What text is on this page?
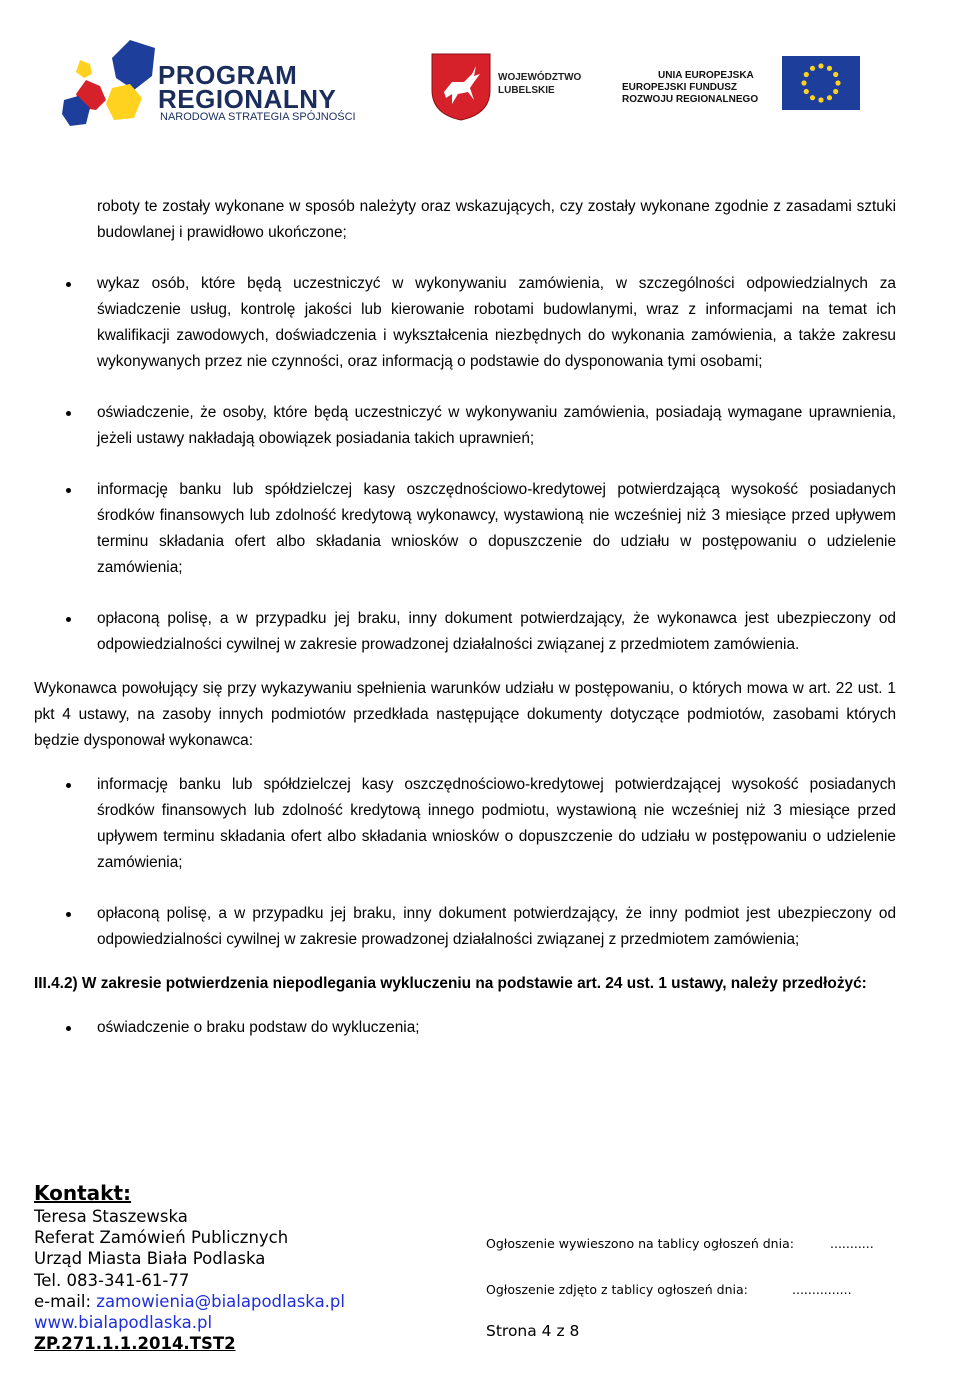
PROGRAM
REGIONALNY
NARODOWA STRATEGIA SPÓJNOŚCI
WOJEWÓDZTWO
LUBELSKIE
UNIA EUROPEJSKA
EUROPEJSKI FUNDUSZ
ROZWOJU REGIONALNEGO

roboty te zostały wykonane w sposób należyty oraz wskazujących, czy zostały wykonane zgodnie z zasadami sztuki budowlanej i prawidłowo ukończone;

wykaz osób, które będą uczestniczyć w wykonywaniu zamówienia, w szczególności odpowiedzialnych za świadczenie usług, kontrolę jakości lub kierowanie robotami budowlanymi, wraz z informacjami na temat ich kwalifikacji zawodowych, doświadczenia i wykształcenia niezbędnych do wykonania zamówienia, a także zakresu wykonywanych przez nie czynności, oraz informacją o podstawie do dysponowania tymi osobami;
oświadczenie, że osoby, które będą uczestniczyć w wykonywaniu zamówienia, posiadają wymagane uprawnienia, jeżeli ustawy nakładają obowiązek posiadania takich uprawnień;
informację banku lub spółdzielczej kasy oszczędnościowo-kredytowej potwierdzającą wysokość posiadanych środków finansowych lub zdolność kredytową wykonawcy, wystawioną nie wcześniej niż 3 miesiące przed upływem terminu składania ofert albo składania wniosków o dopuszczenie do udziału w postępowaniu o udzielenie zamówienia;
opłaconą polisę, a w przypadku jej braku, inny dokument potwierdzający, że wykonawca jest ubezpieczony od odpowiedzialności cywilnej w zakresie prowadzonej działalności związanej z przedmiotem zamówienia.

Wykonawca powołujący się przy wykazywaniu spełnienia warunków udziału w postępowaniu, o których mowa w art. 22 ust. 1 pkt 4 ustawy, na zasoby innych podmiotów przedkłada następujące dokumenty dotyczące podmiotów, zasobami których będzie dysponował wykonawca:

informację banku lub spółdzielczej kasy oszczędnościowo-kredytowej potwierdzającej wysokość posiadanych środków finansowych lub zdolność kredytową innego podmiotu, wystawioną nie wcześniej niż 3 miesiące przed upływem terminu składania ofert albo składania wniosków o dopuszczenie do udziału w postępowaniu o udzielenie zamówienia;
opłaconą polisę, a w przypadku jej braku, inny dokument potwierdzający, że inny podmiot jest ubezpieczony od odpowiedzialności cywilnej w zakresie prowadzonej działalności związanej z przedmiotem zamówienia;

III.4.2) W zakresie potwierdzenia niepodlegania wykluczeniu na podstawie art. 24 ust. 1 ustawy, należy przedłożyć:

oświadczenie o braku podstaw do wykluczenia;
Kontakt:
Teresa Staszewska
Referat Zamówień Publicznych
Urząd Miasta Biała Podlaska
Tel. 083-341-61-77
e-mail: zamowienia@bialapodlaska.pl
www.bialapodlaska.pl
ZP.271.1.1.2014.TST2
Ogłoszenie wywieszono na tablicy ogłoszeń dnia:	...........
Ogłoszenie zdjęto z tablicy ogłoszeń dnia:	...............
Strona 4 z 8
